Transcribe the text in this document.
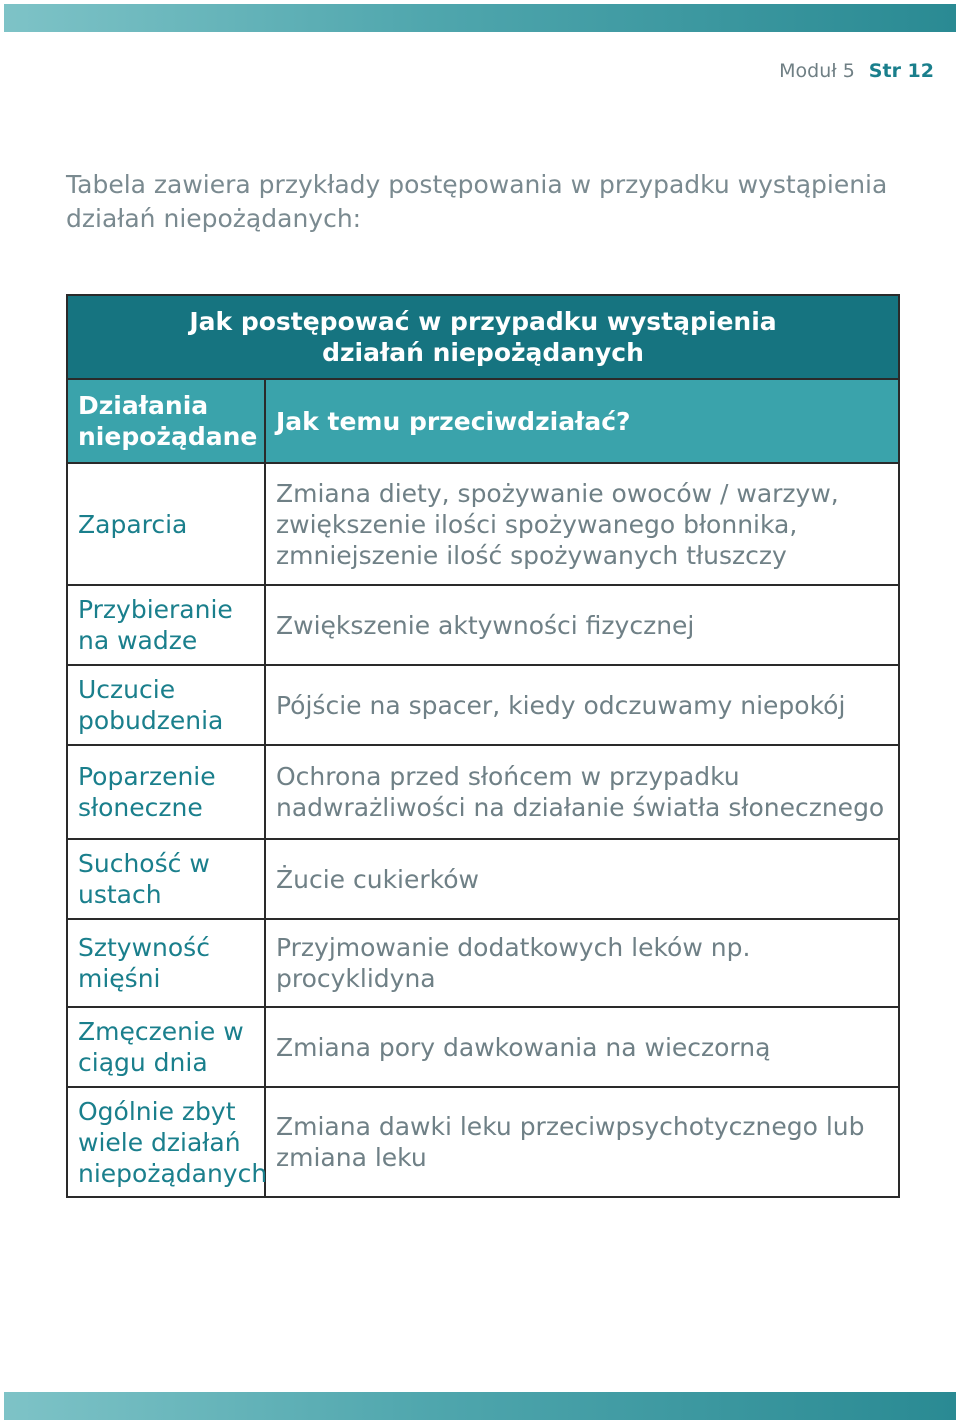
Moduł 5 Str 12
Tabela zawiera przykłady postępowania w przypadku wystąpienia działań niepożądanych:
Jak postępować w przypadku wystąpienia działań niepożądanych	
Działania niepożądane	Jak temu przeciwdziałać?
Zaparcia	Zmiana diety, spożywanie owoców / warzyw, zwiększenie ilości spożywanego błonnika, zmniejszenie ilość spożywanych tłuszczy
Przybieranie na wadze	Zwiększenie aktywności fizycznej
Uczucie pobudzenia	Pójście na spacer, kiedy odczuwamy niepokój
Poparzenie słoneczne	Ochrona przed słońcem w przypadku nadwrażliwości na działanie światła słonecznego
Suchość w ustach	Żucie cukierków
Sztywność mięśni	Przyjmowanie dodatkowych leków np. procyklidyna
Zmęczenie w ciągu dnia	Zmiana pory dawkowania na wieczorną
Ogólnie zbyt wiele działań niepożądanych	Zmiana dawki leku przeciwpsychotycznego lub zmiana leku
